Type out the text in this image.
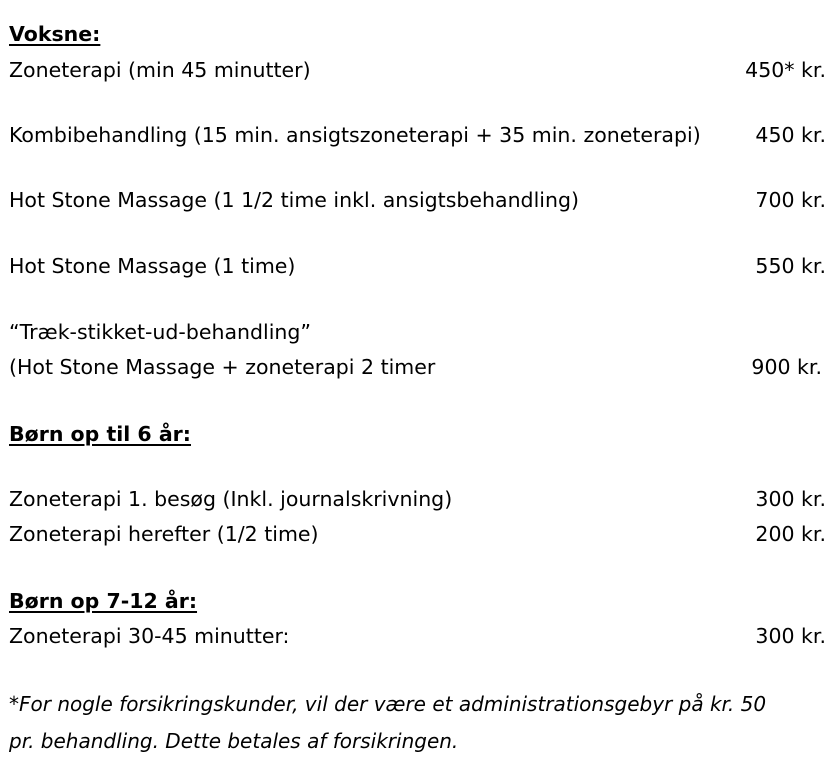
Voksne:
Zoneterapi (min 45 minutter)	450* kr.
Kombibehandling (15 min. ansigtszoneterapi + 35 min. zoneterapi)	450 kr.
Hot Stone Massage (1 1/2 time inkl. ansigtsbehandling)	700 kr.
Hot Stone Massage (1 time)	550 kr.
“Træk-stikket-ud-behandling”
(Hot Stone Massage + zoneterapi 2 timer	900 kr.
Børn op til 6 år:
Zoneterapi 1. besøg (Inkl. journalskrivning)	300 kr.
Zoneterapi herefter (1/2 time)	200 kr.
Børn op 7-12 år:
Zoneterapi 30-45 minutter:	300 kr.
*For nogle forsikringskunder, vil der være et administrationsgebyr på kr. 50
pr. behandling. Dette betales af forsikringen.
